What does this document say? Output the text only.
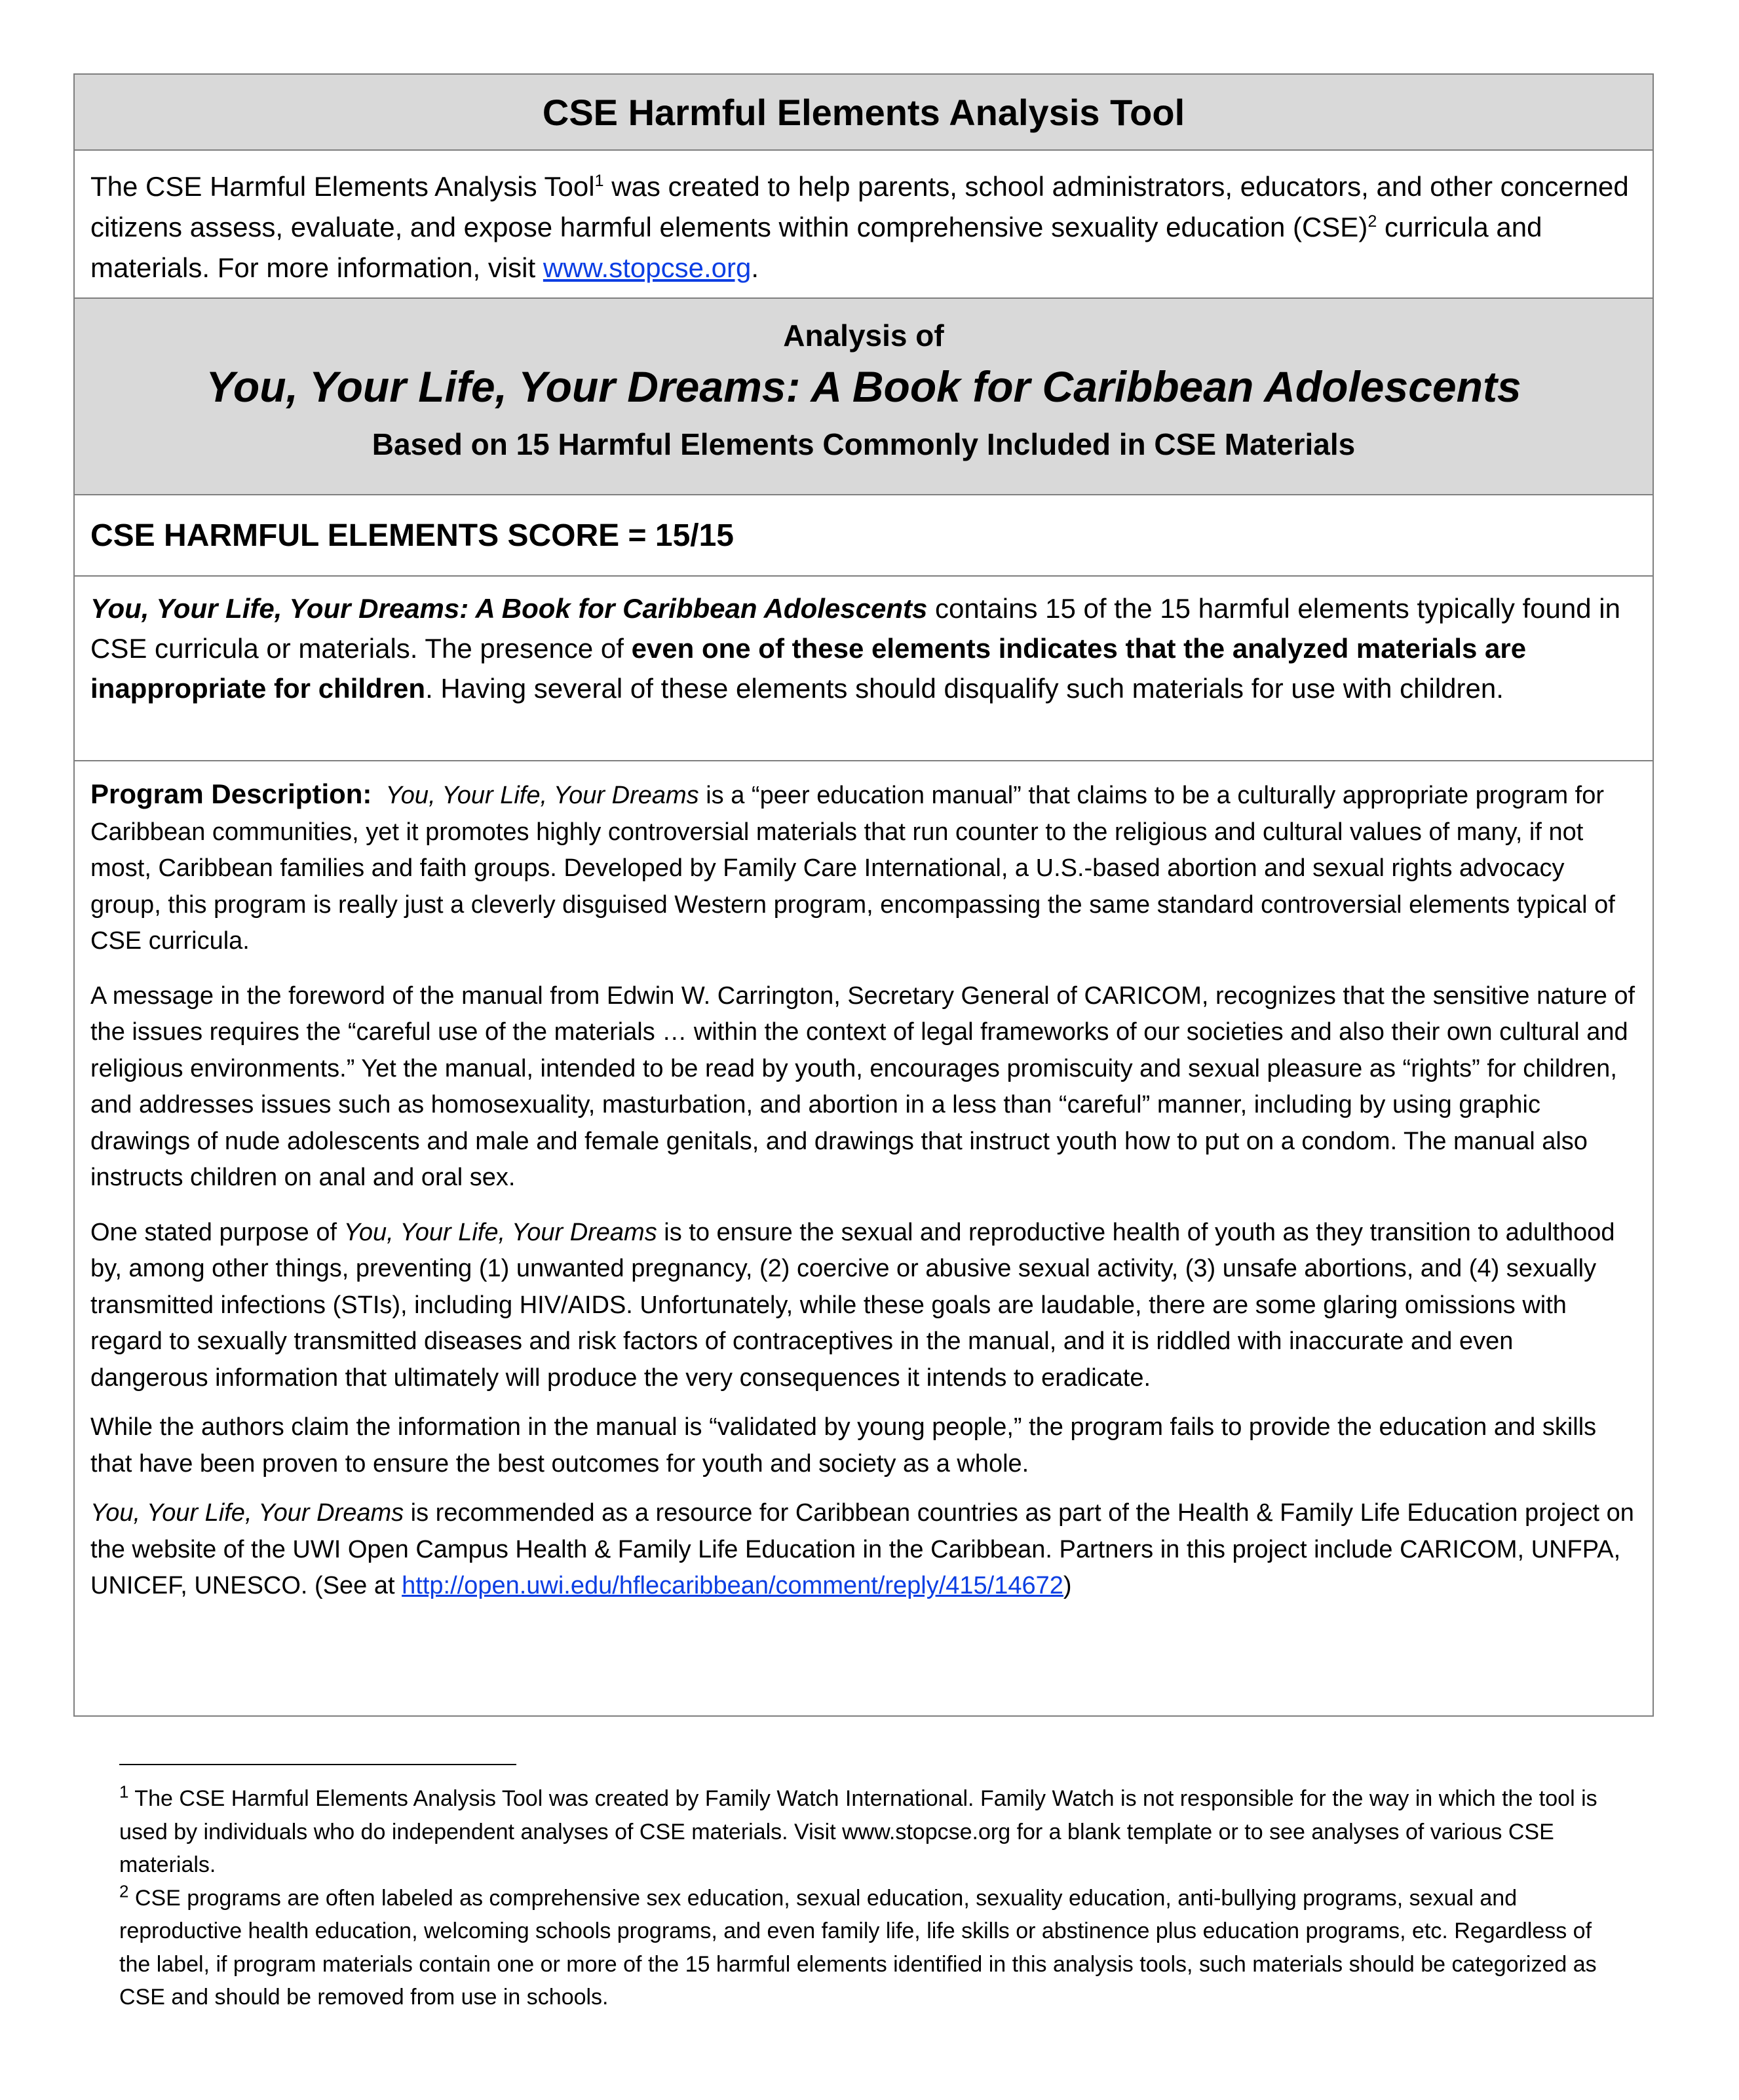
CSE Harmful Elements Analysis Tool
The CSE Harmful Elements Analysis Tool$^1$ was created to help parents, school administrators, educators, and other concerned citizens assess, evaluate, and expose harmful elements within comprehensive sexuality education (CSE)$^2$ curricula and materials. For more information, visit www.stopcse.org.
Analysis of
You, Your Life, Your Dreams: A Book for Caribbean Adolescents
Based on 15 Harmful Elements Commonly Included in CSE Materials
CSE HARMFUL ELEMENTS SCORE = 15/15
You, Your Life, Your Dreams: A Book for Caribbean Adolescents contains 15 of the 15 harmful elements typically found in CSE curricula or materials. The presence of even one of these elements indicates that the analyzed materials are inappropriate for children. Having several of these elements should disqualify such materials for use with children.

Program Description: You, Your Life, Your Dreams is a “peer education manual” that claims to be a culturally appropriate program for Caribbean communities, yet it promotes highly controversial materials that run counter to the religious and cultural values of many, if not most, Caribbean families and faith groups. Developed by Family Care International, a U.S.-based abortion and sexual rights advocacy group, this program is really just a cleverly disguised Western program, encompassing the same standard controversial elements typical of CSE curricula.

A message in the foreword of the manual from Edwin W. Carrington, Secretary General of CARICOM, recognizes that the sensitive nature of the issues requires the “careful use of the materials … within the context of legal frameworks of our societies and also their own cultural and religious environments.” Yet the manual, intended to be read by youth, encourages promiscuity and sexual pleasure as “rights” for children, and addresses issues such as homosexuality, masturbation, and abortion in a less than “careful” manner, including by using graphic drawings of nude adolescents and male and female genitals, and drawings that instruct youth how to put on a condom. The manual also instructs children on anal and oral sex.

One stated purpose of You, Your Life, Your Dreams is to ensure the sexual and reproductive health of youth as they transition to adulthood by, among other things, preventing (1) unwanted pregnancy, (2) coercive or abusive sexual activity, (3) unsafe abortions, and (4) sexually transmitted infections (STIs), including HIV/AIDS. Unfortunately, while these goals are laudable, there are some glaring omissions with regard to sexually transmitted diseases and risk factors of contraceptives in the manual, and it is riddled with inaccurate and even dangerous information that ultimately will produce the very consequences it intends to eradicate.

While the authors claim the information in the manual is “validated by young people,” the program fails to provide the education and skills that have been proven to ensure the best outcomes for youth and society as a whole.

You, Your Life, Your Dreams is recommended as a resource for Caribbean countries as part of the Health & Family Life Education project on the website of the UWI Open Campus Health & Family Life Education in the Caribbean. Partners in this project include CARICOM, UNFPA, UNICEF, UNESCO. (See at http://open.uwi.edu/hflecaribbean/comment/reply/415/14672)

$^1$ The CSE Harmful Elements Analysis Tool was created by Family Watch International. Family Watch is not responsible for the way in which the tool is used by individuals who do independent analyses of CSE materials. Visit www.stopcse.org for a blank template or to see analyses of various CSE materials.

$^2$ CSE programs are often labeled as comprehensive sex education, sexual education, sexuality education, anti-bullying programs, sexual and reproductive health education, welcoming schools programs, and even family life, life skills or abstinence plus education programs, etc. Regardless of the label, if program materials contain one or more of the 15 harmful elements identified in this analysis tools, such materials should be categorized as CSE and should be removed from use in schools.
